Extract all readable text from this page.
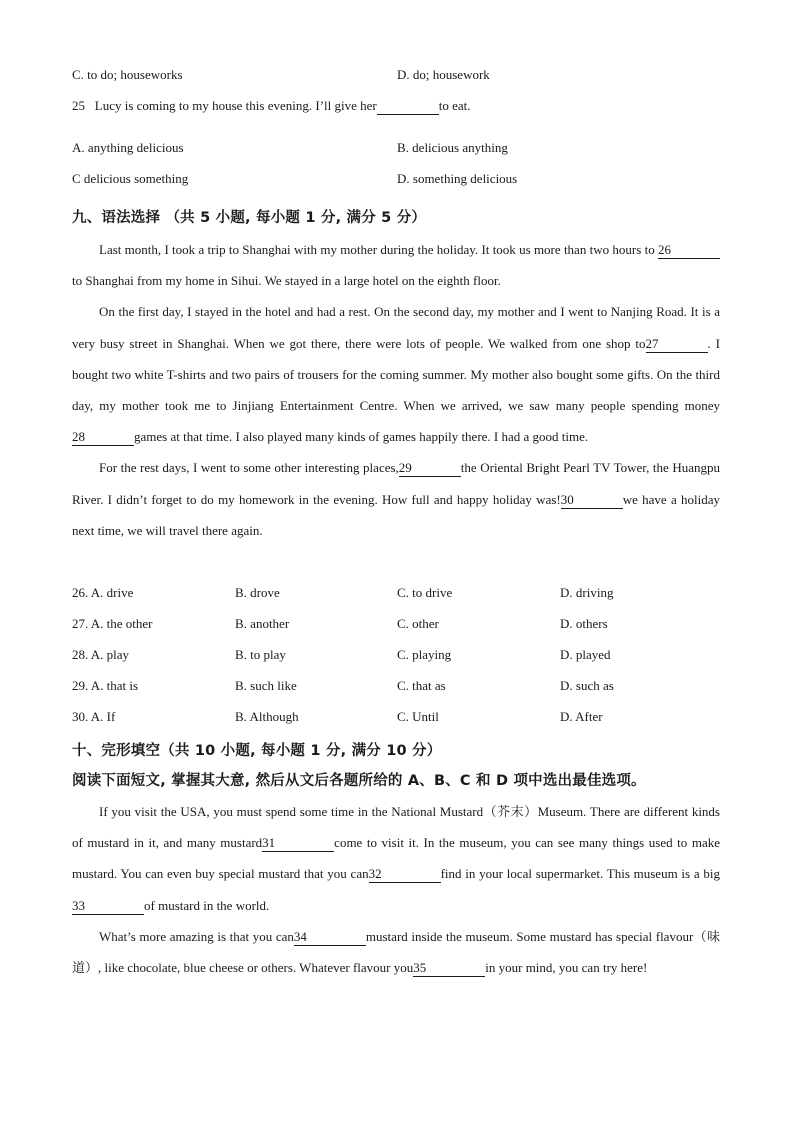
C. to do; houseworks	D. do; housework
25 Lucy is coming to my house this evening. I’ll give her	to eat.
A. anything delicious	B. delicious anything
C delicious something	D. something delicious
九、语法选择 （共 5 小题, 每小题 1 分, 满分 5 分）

Last month, I took a trip to Shanghai with my mother during the holiday. It took us more than two hours to 26to Shanghai from my home in Sihui. We stayed in a large hotel on the eighth floor.

On the first day, I stayed in the hotel and had a rest. On the second day, my mother and I went to Nanjing Road. It is a very busy street in Shanghai. When we got there, there were lots of people. We walked from one shop to27	. I bought two white T-shirts and two pairs of trousers for the coming summer. My mother also bought some gifts. On the third day, my mother took me to Jinjiang Entertainment Centre. When we arrived, we saw many people spending money28	games at that time. I also played many kinds of games happily there. I had a good time.

For the rest days, I went to some other interesting places,29	the Oriental Bright Pearl TV Tower, the Huangpu River. I didn’t forget to do my homework in the evening. How full and happy holiday was!30	we have a holiday next time, we will travel there again.

26. A. drive	B. drove	C. to drive	D. driving
27. A. the other	B. another	C. other	D. others
28. A. play	B. to play	C. playing	D. played
29. A. that is	B. such like	C. that as	D. such as
30. A. If	B. Although	C. Until	D. After
十、完形填空（共 10 小题, 每小题 1 分, 满分 10 分）
阅读下面短文, 掌握其大意, 然后从文后各题所给的 A、B、C 和 D 项中选出最佳选项。

If you visit the USA, you must spend some time in the National Mustard（芥末）Museum. There are different kinds of mustard in it, and many mustard31	come to visit it. In the museum, you can see many things used to make mustard. You can even buy special mustard that you can32	find in your local supermarket. This museum is a big33	of mustard in the world.

What’s more amazing is that you can34	mustard inside the museum. Some mustard has special flavour（味道）, like chocolate, blue cheese or others. Whatever flavour you35	in your mind, you can try here!
